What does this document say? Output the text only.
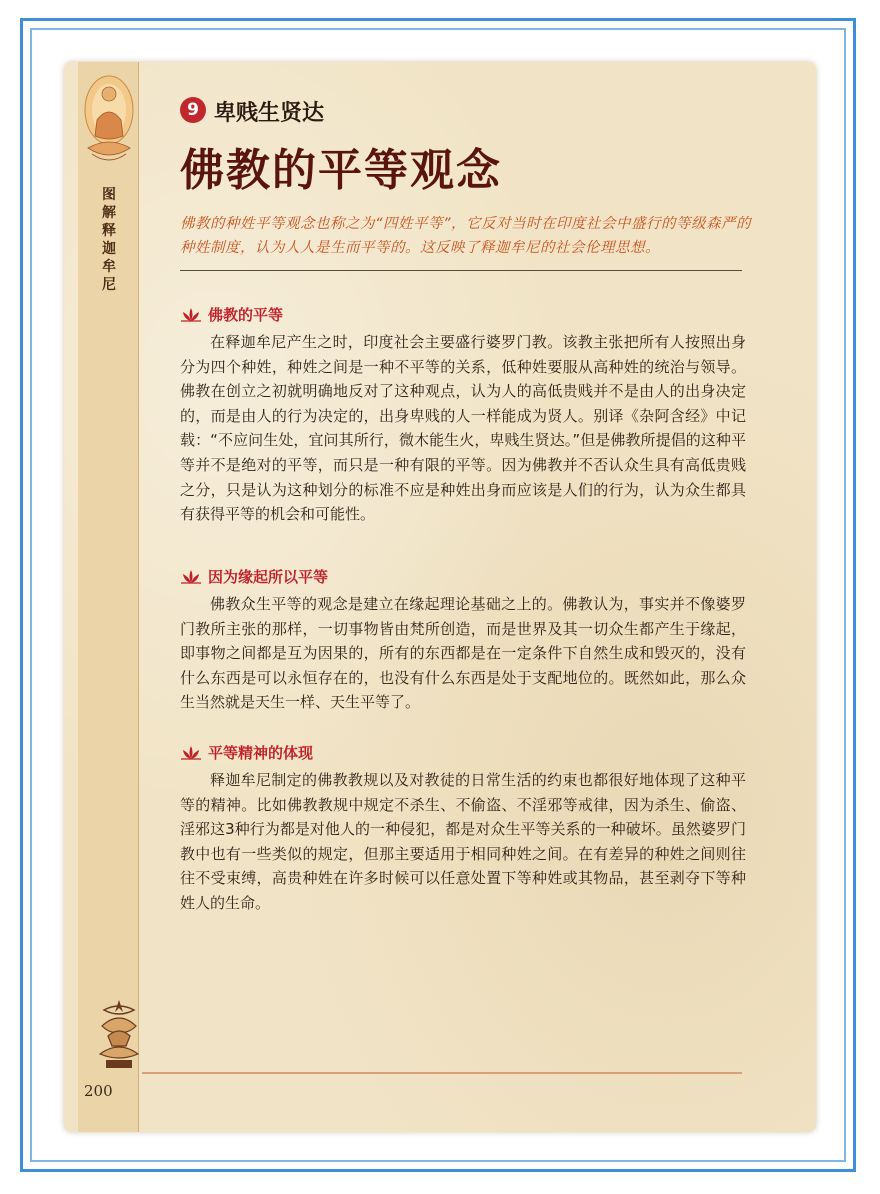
图解释迦牟尼
200
9 卑贱生贤达
佛教的平等观念
佛教的种姓平等观念也称之为“四姓平等”，它反对当时在印度社会中盛行的等级森严的种姓制度，认为人人是生而平等的。这反映了释迦牟尼的社会伦理思想。
佛教的平等
在释迦牟尼产生之时，印度社会主要盛行婆罗门教。该教主张把所有人按照出身分为四个种姓，种姓之间是一种不平等的关系，低种姓要服从高种姓的统治与领导。佛教在创立之初就明确地反对了这种观点，认为人的高低贵贱并不是由人的出身决定的，而是由人的行为决定的，出身卑贱的人一样能成为贤人。别译《杂阿含经》中记载：“不应问生处，宜问其所行，微木能生火，卑贱生贤达。”但是佛教所提倡的这种平等并不是绝对的平等，而只是一种有限的平等。因为佛教并不否认众生具有高低贵贱之分，只是认为这种划分的标准不应是种姓出身而应该是人们的行为，认为众生都具有获得平等的机会和可能性。
因为缘起所以平等
佛教众生平等的观念是建立在缘起理论基础之上的。佛教认为，事实并不像婆罗门教所主张的那样，一切事物皆由梵所创造，而是世界及其一切众生都产生于缘起，即事物之间都是互为因果的，所有的东西都是在一定条件下自然生成和毁灭的，没有什么东西是可以永恒存在的，也没有什么东西是处于支配地位的。既然如此，那么众生当然就是天生一样、天生平等了。
平等精神的体现
释迦牟尼制定的佛教教规以及对教徒的日常生活的约束也都很好地体现了这种平等的精神。比如佛教教规中规定不杀生、不偷盗、不淫邪等戒律，因为杀生、偷盗、淫邪这3种行为都是对他人的一种侵犯，都是对众生平等关系的一种破坏。虽然婆罗门教中也有一些类似的规定，但那主要适用于相同种姓之间。在有差异的种姓之间则往往不受束缚，高贵种姓在许多时候可以任意处置下等种姓或其物品，甚至剥夺下等种姓人的生命。
